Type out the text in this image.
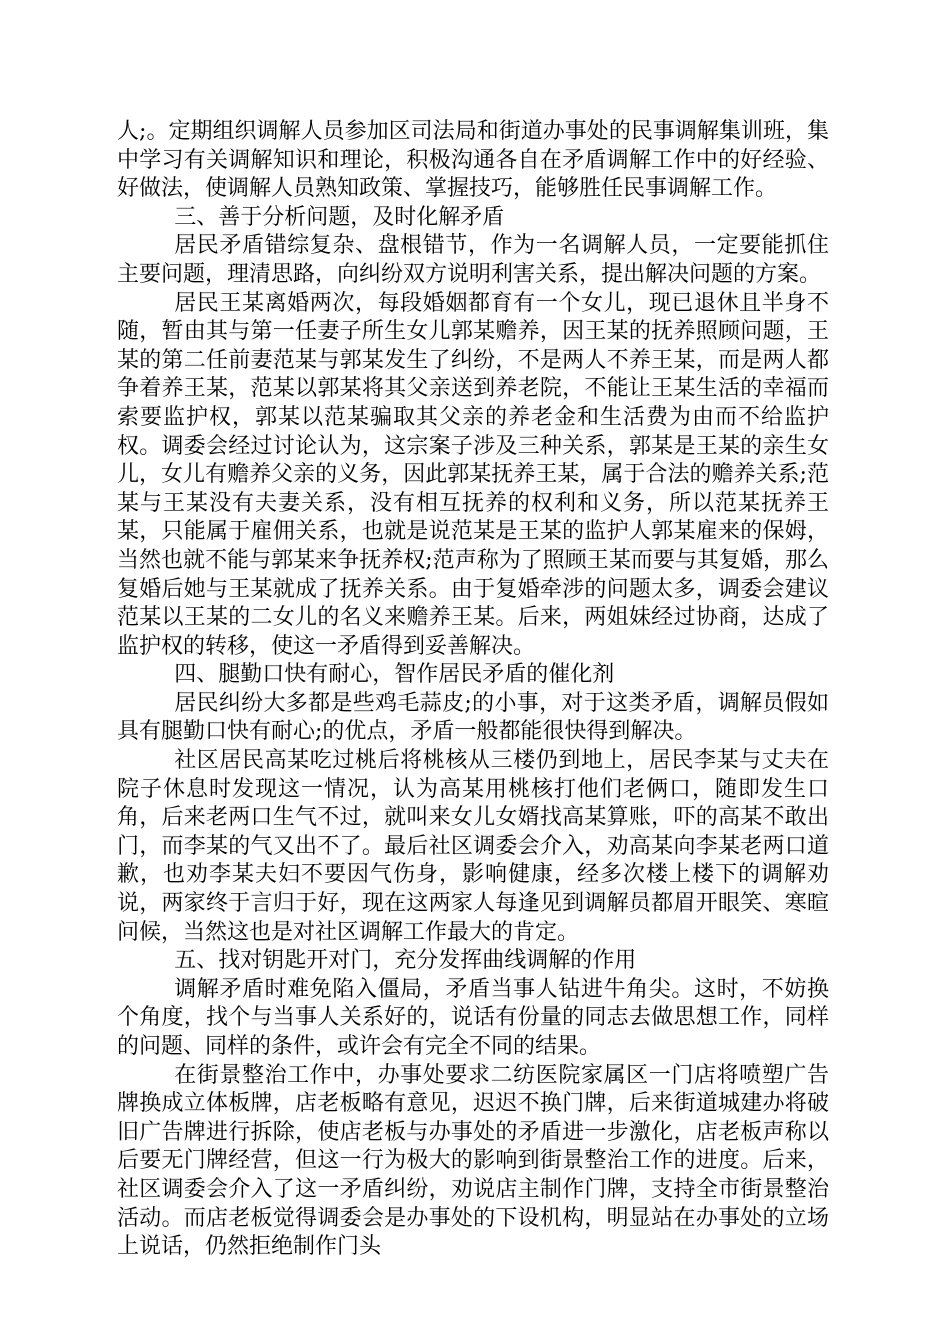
人;。定期组织调解人员参加区司法局和街道办事处的民事调解集训班，集中学习有关调解知识和理论，积极沟通各自在矛盾调解工作中的好经验、好做法，使调解人员熟知政策、掌握技巧，能够胜任民事调解工作。

三、善于分析问题，及时化解矛盾

居民矛盾错综复杂、盘根错节，作为一名调解人员，一定要能抓住主要问题，理清思路，向纠纷双方说明利害关系，提出解决问题的方案。

居民王某离婚两次，每段婚姻都育有一个女儿，现已退休且半身不随，暂由其与第一任妻子所生女儿郭某赡养，因王某的抚养照顾问题，王某的第二任前妻范某与郭某发生了纠纷，不是两人不养王某，而是两人都争着养王某，范某以郭某将其父亲送到养老院，不能让王某生活的幸福而索要监护权，郭某以范某骗取其父亲的养老金和生活费为由而不给监护权。调委会经过讨论认为，这宗案子涉及三种关系，郭某是王某的亲生女儿，女儿有赡养父亲的义务，因此郭某抚养王某，属于合法的赡养关系;范某与王某没有夫妻关系，没有相互抚养的权利和义务，所以范某抚养王某，只能属于雇佣关系，也就是说范某是王某的监护人郭某雇来的保姆，当然也就不能与郭某来争抚养权;范声称为了照顾王某而要与其复婚，那么复婚后她与王某就成了抚养关系。由于复婚牵涉的问题太多，调委会建议范某以王某的二女儿的名义来赡养王某。后来，两姐妹经过协商，达成了监护权的转移，使这一矛盾得到妥善解决。

四、腿勤口快有耐心，智作居民矛盾的催化剂

居民纠纷大多都是些鸡毛蒜皮;的小事，对于这类矛盾，调解员假如具有腿勤口快有耐心;的优点，矛盾一般都能很快得到解决。

社区居民高某吃过桃后将桃核从三楼仍到地上，居民李某与丈夫在院子休息时发现这一情况，认为高某用桃核打他们老俩口，随即发生口角，后来老两口生气不过，就叫来女儿女婿找高某算账，吓的高某不敢出门，而李某的气又出不了。最后社区调委会介入，劝高某向李某老两口道歉，也劝李某夫妇不要因气伤身，影响健康，经多次楼上楼下的调解劝说，两家终于言归于好，现在这两家人每逢见到调解员都眉开眼笑、寒暄问候，当然这也是对社区调解工作最大的肯定。

五、找对钥匙开对门，充分发挥曲线调解的作用

调解矛盾时难免陷入僵局，矛盾当事人钻进牛角尖。这时，不妨换个角度，找个与当事人关系好的，说话有份量的同志去做思想工作，同样的问题、同样的条件，或许会有完全不同的结果。

在街景整治工作中，办事处要求二纺医院家属区一门店将喷塑广告牌换成立体板牌，店老板略有意见，迟迟不换门牌，后来街道城建办将破旧广告牌进行拆除，使店老板与办事处的矛盾进一步激化，店老板声称以后要无门牌经营，但这一行为极大的影响到街景整治工作的进度。后来，社区调委会介入了这一矛盾纠纷，劝说店主制作门牌，支持全市街景整治活动。而店老板觉得调委会是办事处的下设机构，明显站在办事处的立场上说话，仍然拒绝制作门头
